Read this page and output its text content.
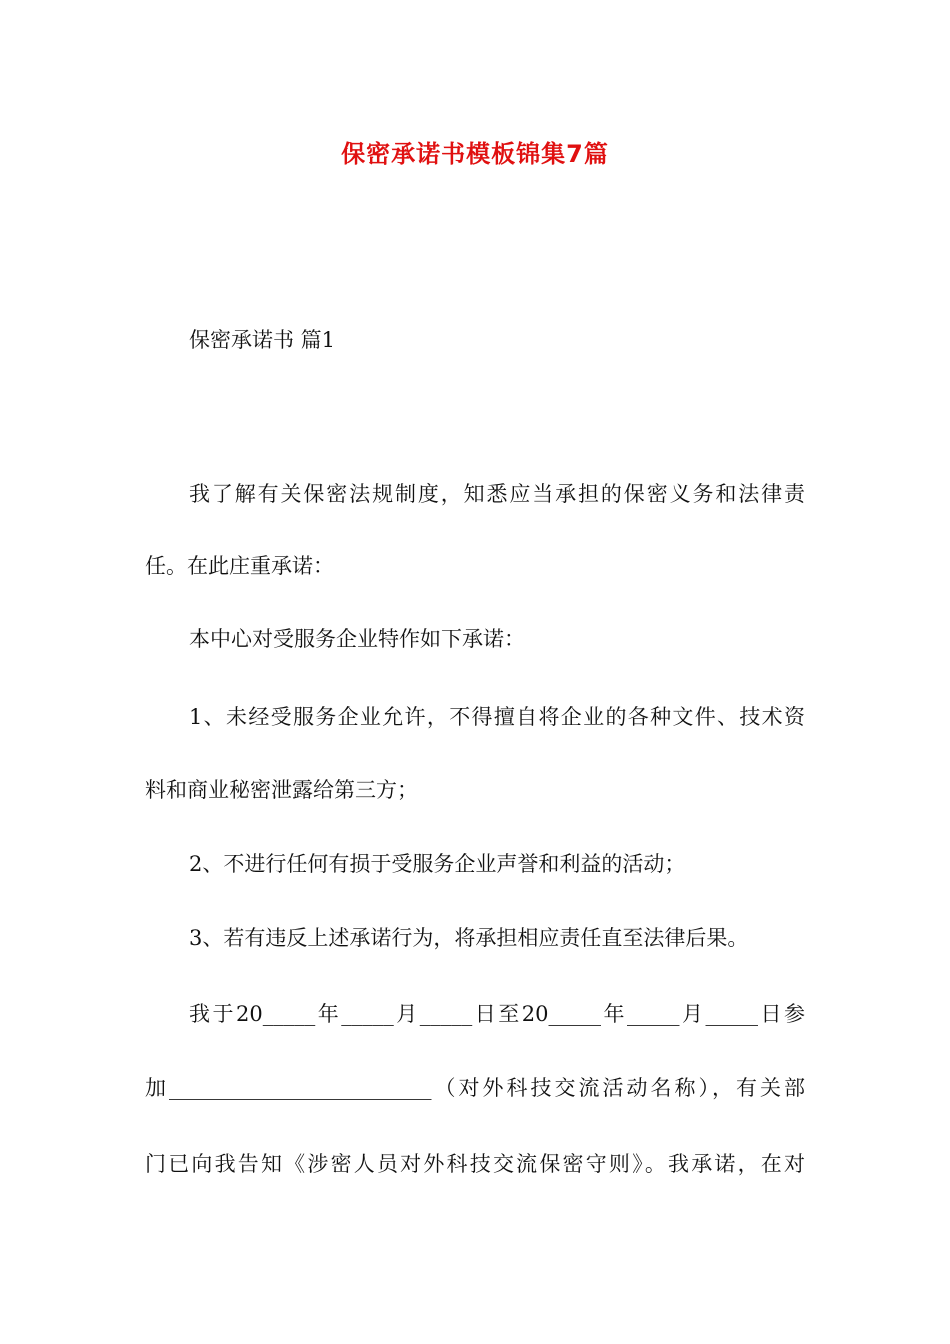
保密承诺书模板锦集7篇
保密承诺书 篇1
我了解有关保密法规制度，知悉应当承担的保密义务和法律责
任。在此庄重承诺：
本中心对受服务企业特作如下承诺：
1、未经受服务企业允许，不得擅自将企业的各种文件、技术资
料和商业秘密泄露给第三方；
2、不进行任何有损于受服务企业声誉和利益的活动；
3、若有违反上述承诺行为，将承担相应责任直至法律后果。
我于20_____年_____月_____日至20_____年_____月_____日参
加_________________________（对外科技交流活动名称），有关部
门已向我告知《涉密人员对外科技交流保密守则》。我承诺，在对
